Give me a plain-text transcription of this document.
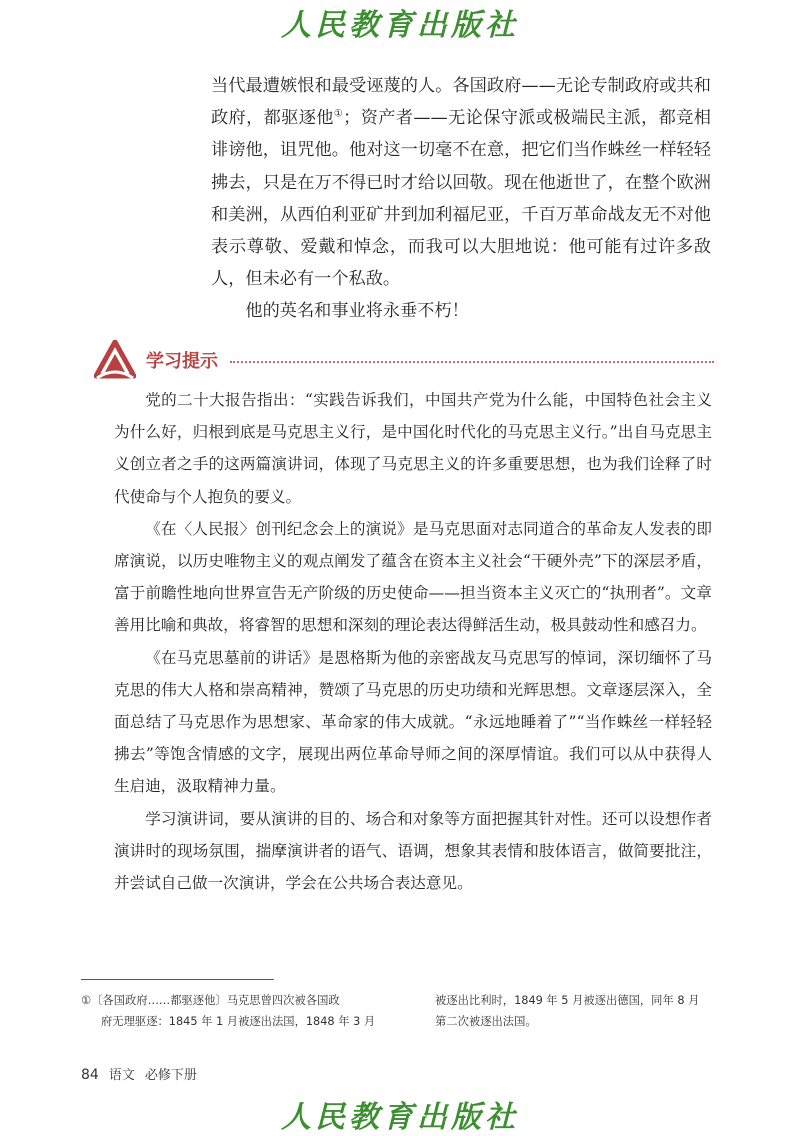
人民教育出版社

当代最遭嫉恨和最受诬蔑的人。各国政府——无论专制政府或共和政府，都驱逐他①；资产者——无论保守派或极端民主派，都竞相诽谤他，诅咒他。他对这一切毫不在意，把它们当作蛛丝一样轻轻拂去，只是在万不得已时才给以回敬。现在他逝世了，在整个欧洲和美洲，从西伯利亚矿井到加利福尼亚，千百万革命战友无不对他表示尊敬、爱戴和悼念，而我可以大胆地说：他可能有过许多敌人，但未必有一个私敌。

他的英名和事业将永垂不朽！

学习提示

党的二十大报告指出：“实践告诉我们，中国共产党为什么能，中国特色社会主义为什么好，归根到底是马克思主义行，是中国化时代化的马克思主义行。”出自马克思主义创立者之手的这两篇演讲词，体现了马克思主义的许多重要思想，也为我们诠释了时代使命与个人抱负的要义。

《在〈人民报〉创刊纪念会上的演说》是马克思面对志同道合的革命友人发表的即席演说，以历史唯物主义的观点阐发了蕴含在资本主义社会“干硬外壳”下的深层矛盾，富于前瞻性地向世界宣告无产阶级的历史使命——担当资本主义灭亡的“执刑者”。文章善用比喻和典故，将睿智的思想和深刻的理论表达得鲜活生动，极具鼓动性和感召力。

《在马克思墓前的讲话》是恩格斯为他的亲密战友马克思写的悼词，深切缅怀了马克思的伟大人格和崇高精神，赞颂了马克思的历史功绩和光辉思想。文章逐层深入，全面总结了马克思作为思想家、革命家的伟大成就。“永远地睡着了”“当作蛛丝一样轻轻拂去”等饱含情感的文字，展现出两位革命导师之间的深厚情谊。我们可以从中获得人生启迪，汲取精神力量。

学习演讲词，要从演讲的目的、场合和对象等方面把握其针对性。还可以设想作者演讲时的现场氛围，揣摩演讲者的语气、语调，想象其表情和肢体语言，做简要批注，并尝试自己做一次演讲，学会在公共场合表达意见。

①〔各国政府……都驱逐他〕马克思曾四次被各国政
府无理驱逐：1845 年 1 月被逐出法国，1848 年 3 月
被逐出比利时，1849 年 5 月被逐出德国，同年 8 月
第二次被逐出法国。
84 语文 必修下册
人民教育出版社
